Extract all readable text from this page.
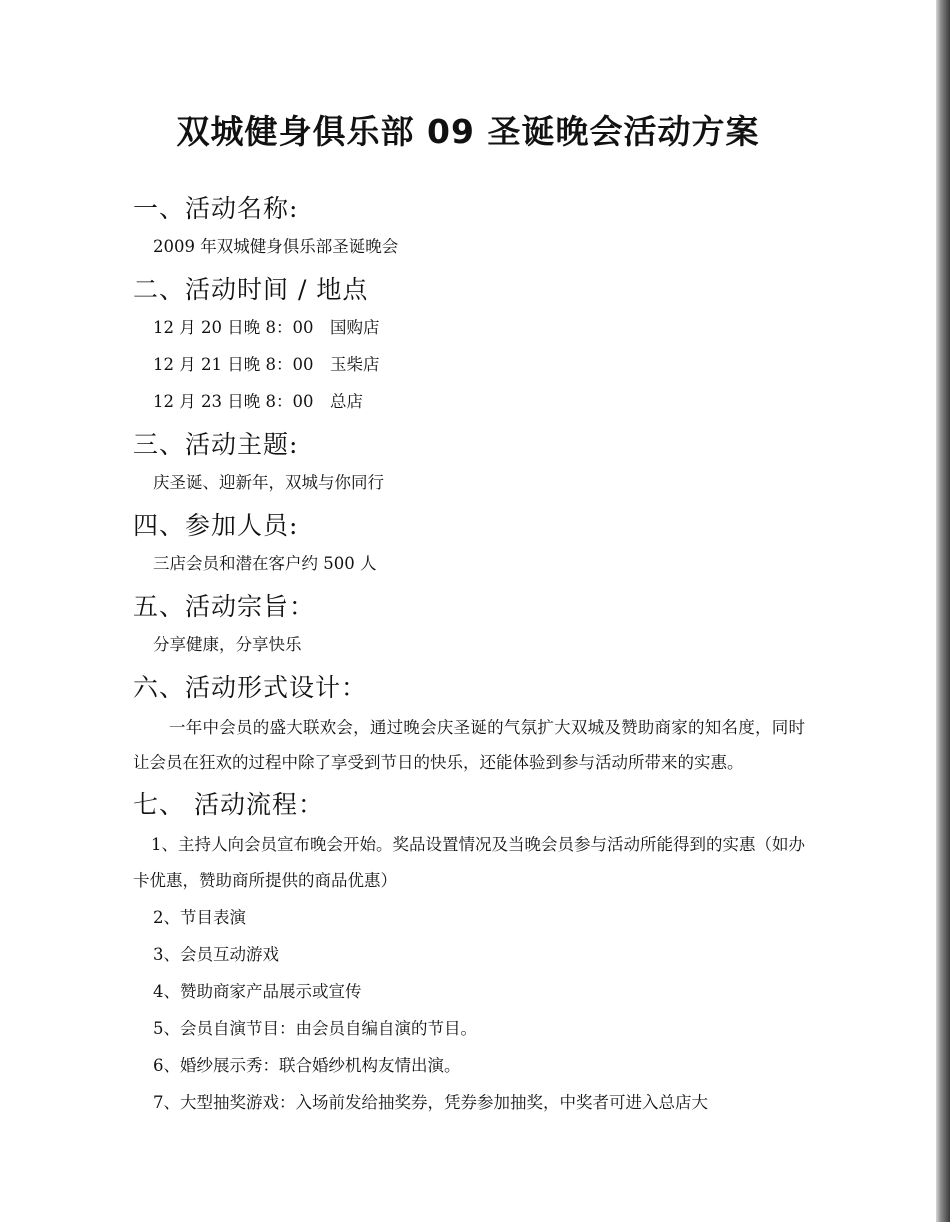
双城健身俱乐部 09 圣诞晚会活动方案
一、活动名称:

2009 年双城健身俱乐部圣诞晚会

二、活动时间 / 地点

12 月 20 日晚 8：00　国购店

12 月 21 日晚 8：00　玉柴店

12 月 23 日晚 8：00　总店

三、活动主题:

庆圣诞、迎新年，双城与你同行

四、参加人员:

三店会员和潜在客户约 500 人

五、活动宗旨：

分享健康，分享快乐

六、活动形式设计：

一年中会员的盛大联欢会，通过晚会庆圣诞的气氛扩大双城及赞助商家的知名度，同时让会员在狂欢的过程中除了享受到节日的快乐，还能体验到参与活动所带来的实惠。

七、 活动流程：

1、主持人向会员宣布晚会开始。奖品设置情况及当晚会员参与活动所能得到的实惠（如办卡优惠，赞助商所提供的商品优惠）

2、节目表演

3、会员互动游戏

4、赞助商家产品展示或宣传

5、会员自演节目：由会员自编自演的节目。

6、婚纱展示秀：联合婚纱机构友情出演。

7、大型抽奖游戏：入场前发给抽奖券，凭券参加抽奖，中奖者可进入总店大
